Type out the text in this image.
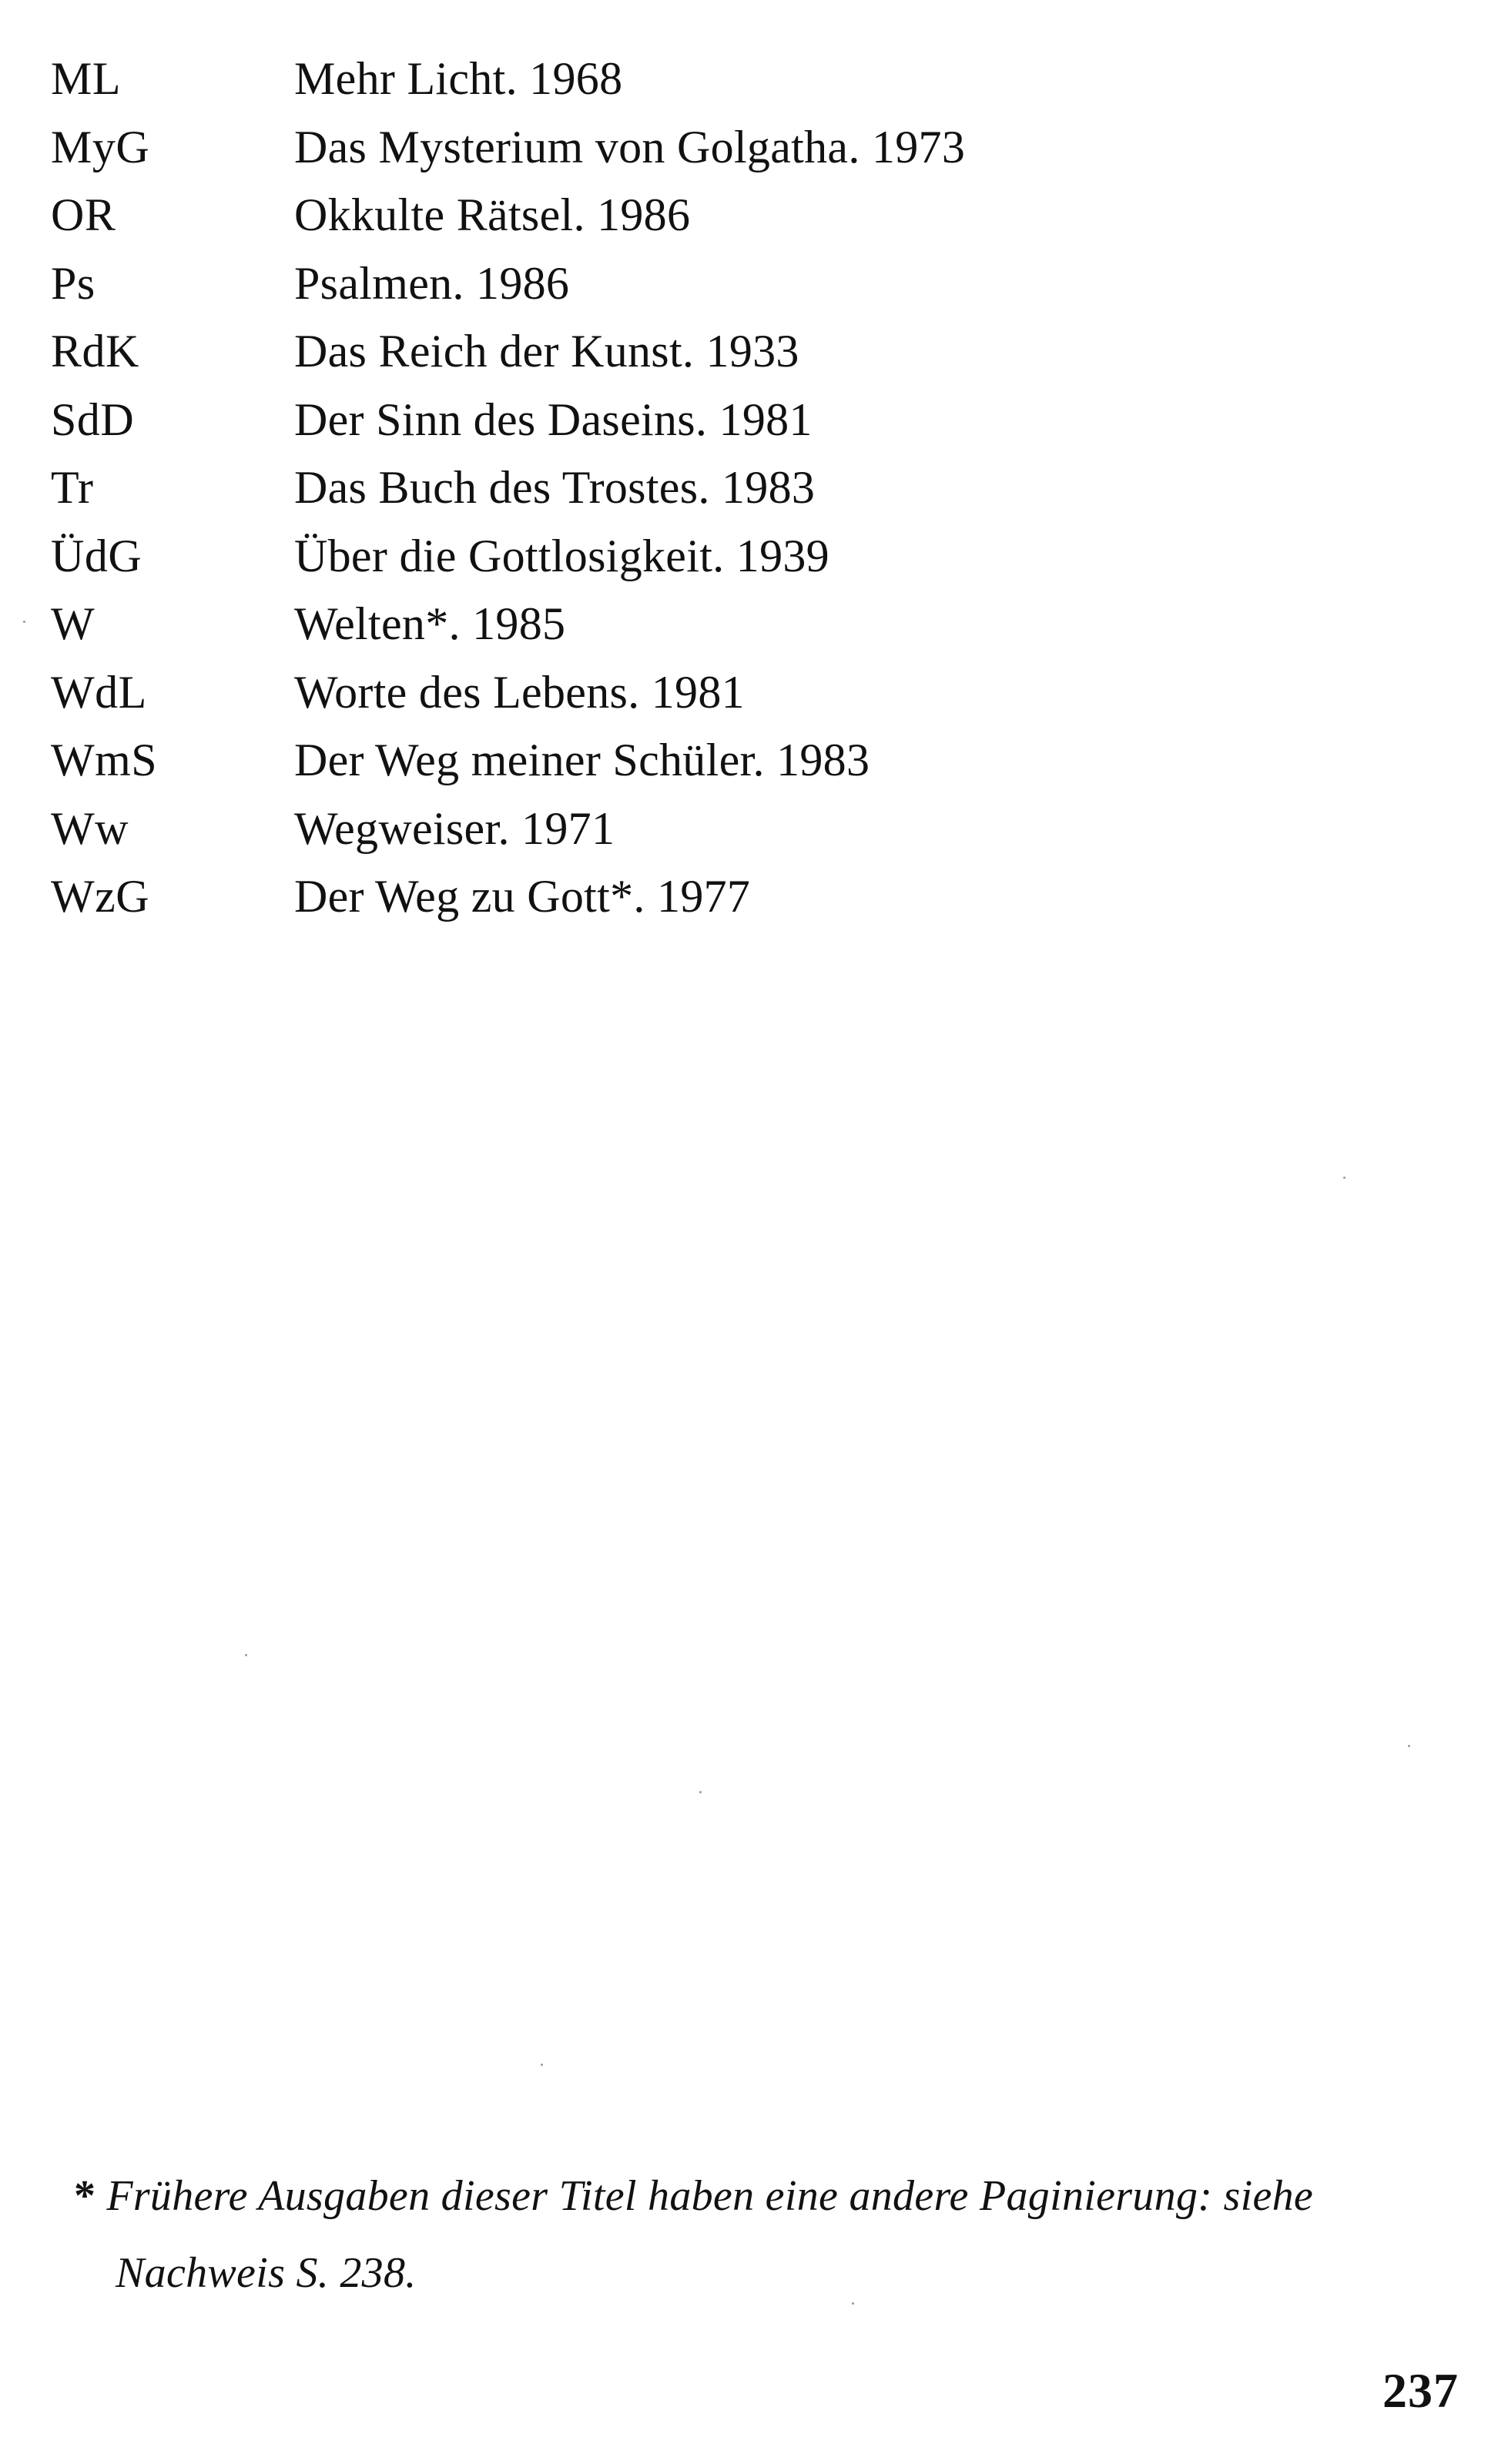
ML	Mehr Licht. 1968
MyG	Das Mysterium von Golgatha. 1973
OR	Okkulte Rätsel. 1986
Ps	Psalmen. 1986
RdK	Das Reich der Kunst. 1933
SdD	Der Sinn des Daseins. 1981
Tr	Das Buch des Trostes. 1983
ÜdG	Über die Gottlosigkeit. 1939
W	Welten*. 1985
WdL	Worte des Lebens. 1981
WmS	Der Weg meiner Schüler. 1983
Ww	Wegweiser. 1971
WzG	Der Weg zu Gott*. 1977
* Frühere Ausgaben dieser Titel haben eine andere Paginierung: siehe
Nachweis S. 238.
237
